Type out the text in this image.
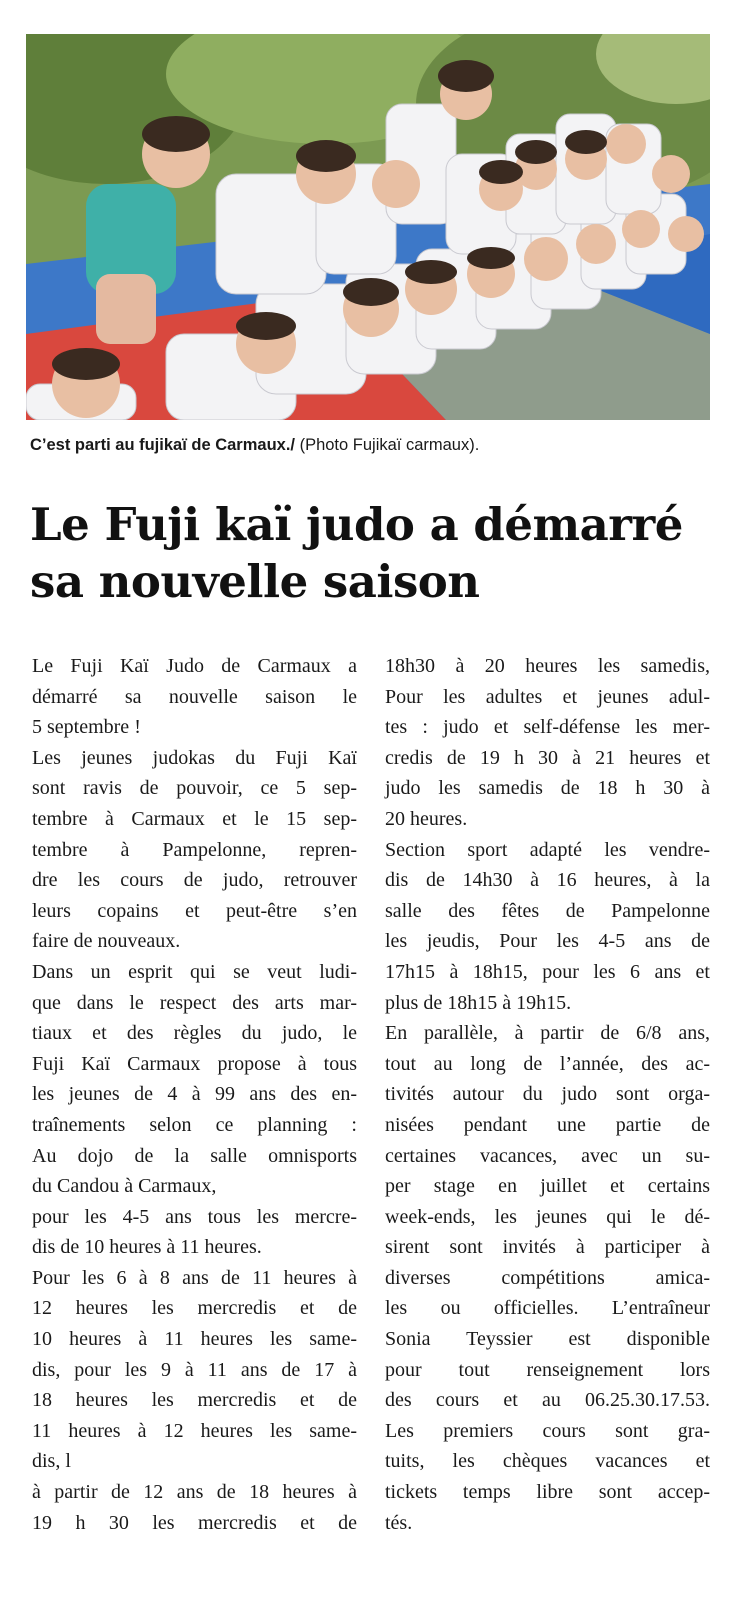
C’est parti au fujikaï de Carmaux./ (Photo Fujikaï carmaux).
Le Fuji kaï judo a démarré
sa nouvelle saison
Le Fuji Kaï Judo de Carmaux a
démarré sa nouvelle saison le
5 septembre !
Les jeunes judokas du Fuji Kaï
sont ravis de pouvoir, ce 5 sep-
tembre à Carmaux et le 15 sep-
tembre à Pampelonne, repren-
dre les cours de judo, retrouver
leurs copains et peut-être s’en
faire de nouveaux.
Dans un esprit qui se veut ludi-
que dans le respect des arts mar-
tiaux et des règles du judo, le
Fuji Kaï Carmaux propose à tous
les jeunes de 4 à 99 ans des en-
traînements selon ce planning :
Au dojo de la salle omnisports
du Candou à Carmaux,
pour les 4-5 ans tous les mercre-
dis de 10 heures à 11 heures.
Pour les 6 à 8 ans de 11 heures à
12 heures les mercredis et de
10 heures à 11 heures les same-
dis, pour les 9 à 11 ans de 17 à
18 heures les mercredis et de
11 heures à 12 heures les same-
dis, l
à partir de 12 ans de 18 heures à
19 h 30 les mercredis et de
18h30 à 20 heures les samedis,
Pour les adultes et jeunes adul-
tes : judo et self-défense les mer-
credis de 19 h 30 à 21 heures et
judo les samedis de 18 h 30 à
20 heures.
Section sport adapté les vendre-
dis de 14h30 à 16 heures, à la
salle des fêtes de Pampelonne
les jeudis, Pour les 4-5 ans de
17h15 à 18h15, pour les 6 ans et
plus de 18h15 à 19h15.
En parallèle, à partir de 6/8 ans,
tout au long de l’année, des ac-
tivités autour du judo sont orga-
nisées pendant une partie de
certaines vacances, avec un su-
per stage en juillet et certains
week-ends, les jeunes qui le dé-
sirent sont invités à participer à
diverses compétitions amica-
les ou officielles. L’entraîneur
Sonia Teyssier est disponible
pour tout renseignement lors
des cours et au 06.25.30.17.53.
Les premiers cours sont gra-
tuits, les chèques vacances et
tickets temps libre sont accep-
tés.
